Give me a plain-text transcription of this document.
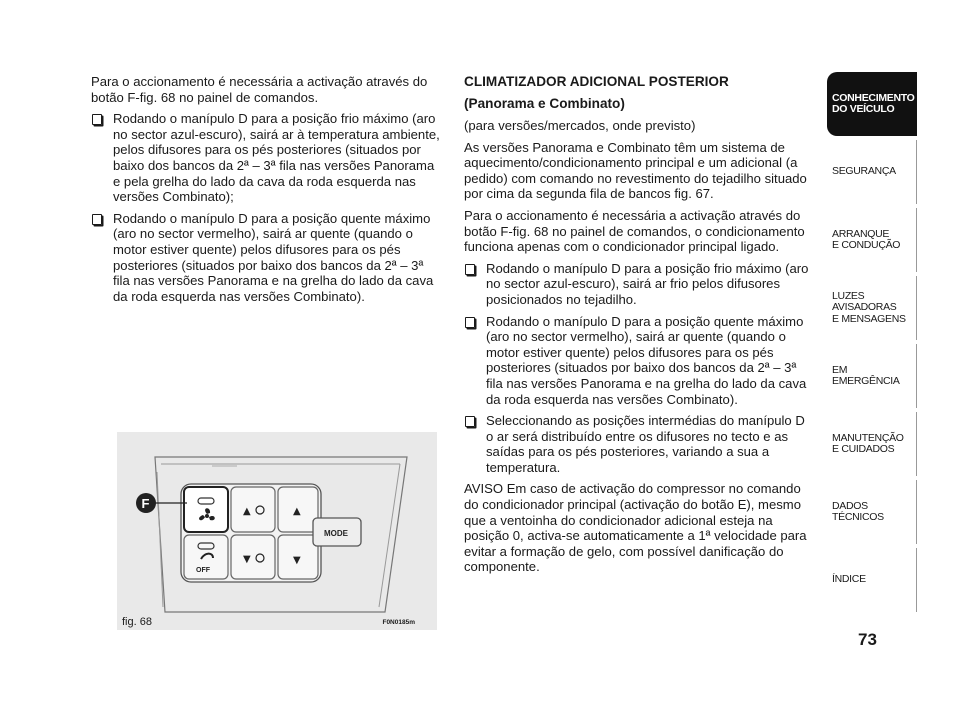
Para o accionamento é necessária a activação através do botão F-fig. 68 no painel de comandos.

Rodando o manípulo D para a posição frio máximo (aro no sector azul-escuro), sairá ar à temperatura ambiente, pelos difusores para os pés posteriores (situados por baixo dos bancos da 2ª – 3ª fila nas versões Panorama e pela grelha do lado da cava da roda esquerda nas versões Combinato);
Rodando o manípulo D para a posição quente máximo (aro no sector vermelho), sairá ar quente (quando o motor estiver quente) pelos difusores para os pés posteriores (situados por baixo dos bancos da 2ª – 3ª fila nas versões Panorama e na grelha do lado da cava da roda esquerda nas versões Combinato).

CLIMATIZADOR ADICIONAL POSTERIOR

(Panorama e Combinato)

(para versões/mercados, onde previsto)

As versões Panorama e Combinato têm um sistema de aquecimento/condicionamento principal e um adicional (a pedido) com comando no revestimento do tejadilho situado por cima da segunda fila de bancos fig. 67.

Para o accionamento é necessária a activação através do botão F-fig. 68 no painel de comandos, o condicionamento funciona apenas com o condicionador principal ligado.

Rodando o manípulo D para a posição frio máximo (aro no sector azul-escuro), sairá ar frio pelos difusores posicionados no tejadilho.
Rodando o manípulo D para a posição quente máximo (aro no sector vermelho), sairá ar quente (quando o motor estiver quente) pelos difusores para os pés posteriores (situados por baixo dos bancos da 2ª – 3ª fila nas versões Panorama e na grelha do lado da cava da roda esquerda nas versões Combinato).
Seleccionando as posições intermédias do manípulo D o ar será distribuído entre os difusores no tecto e as saídas para os pés posteriores, variando a sua a temperatura.

AVISO Em caso de activação do compressor no comando do condicionador principal (activação do botão E), mesmo que a ventoinha do condicionador adicional esteja na posição 0, activa-se automaticamente a 1ª velocidade para evitar a formação de gelo, com possível danificação do componente.

▲	▲
OFF
▼	▼
MODE
F
fig. 68	F0N0185m
CONHECIMENTO
DO VEÍCULO
SEGURANÇA
ARRANQUE
E CONDUÇÃO
LUZES
AVISADORAS
E MENSAGENS
EM EMERGÊNCIA
MANUTENÇÃO
E CUIDADOS
DADOS
TÉCNICOS
ÍNDICE
73
